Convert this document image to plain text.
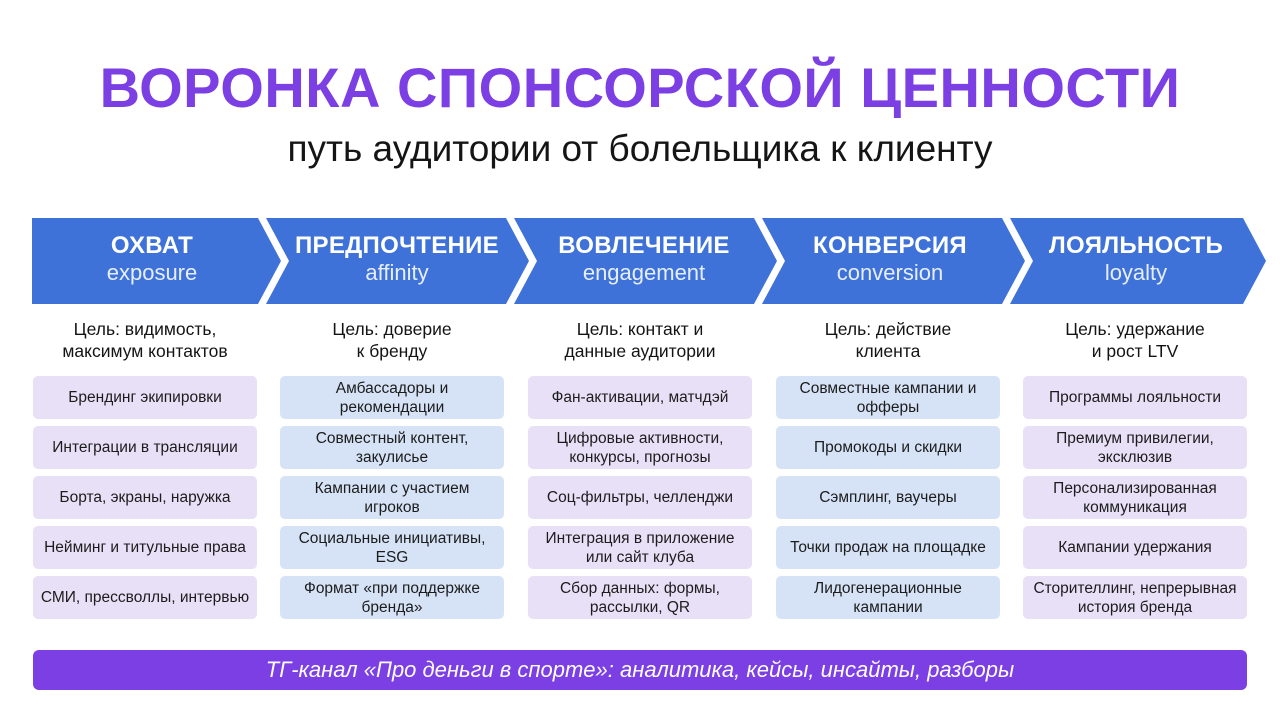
ВОРОНКА СПОНСОРСКОЙ ЦЕННОСТИ
путь аудитории от болельщика к клиенту
ОХВАТ
exposure
ПРЕДПОЧТЕНИЕ
affinity
ВОВЛЕЧЕНИЕ
engagement
КОНВЕРСИЯ
conversion
ЛОЯЛЬНОСТЬ
loyalty
Цель: видимость,
максимум контактов
Цель: доверие
к бренду
Цель: контакт и
данные аудитории
Цель: действие
клиента
Цель: удержание
и рост LTV
Брендинг экипировки
Интеграции в трансляции
Борта, экраны, наружка
Нейминг и титульные права
СМИ, прессволлы, интервью
Амбассадоры и рекомендации
Совместный контент, закулисье
Кампании с участием игроков
Социальные инициативы, ESG
Формат «при поддержке бренда»
Фан-активации, матчдэй
Цифровые активности, конкурсы, прогнозы
Соц-фильтры, челленджи
Интеграция в приложение или сайт клуба
Сбор данных: формы, рассылки, QR
Совместные кампании и офферы
Промокоды и скидки
Сэмплинг, ваучеры
Точки продаж на площадке
Лидогенерационные кампании
Программы лояльности
Премиум привилегии, эксклюзив
Персонализированная коммуникация
Кампании удержания
Сторителлинг, непрерывная история бренда
ТГ-канал «Про деньги в спорте»: аналитика, кейсы, инсайты, разборы
